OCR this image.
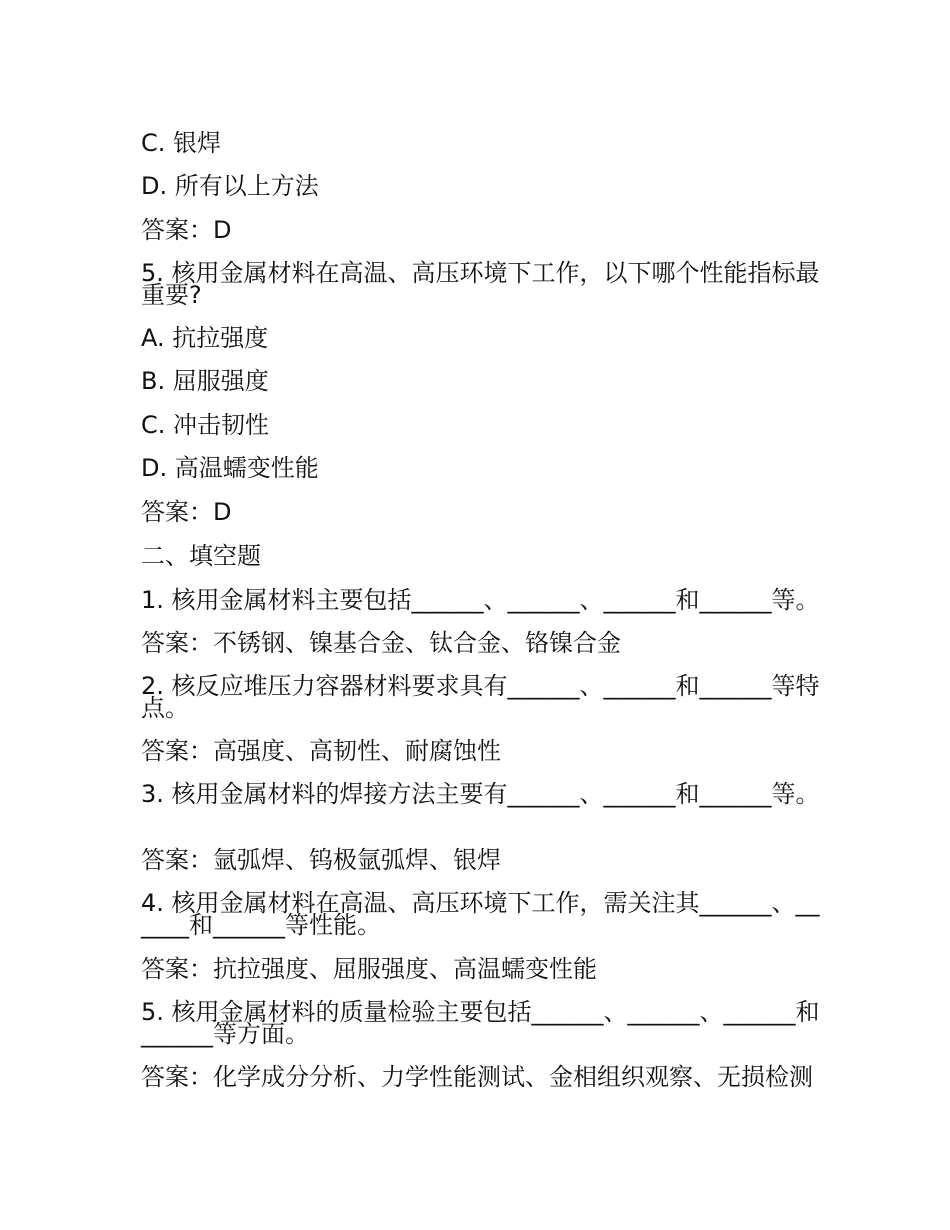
C. 银焊
D. 所有以上方法
答案：D
5. 核用金属材料在高温、高压环境下工作，以下哪个性能指标最重要?
A. 抗拉强度
B. 屈服强度
C. 冲击韧性
D. 高温蠕变性能
答案：D
二、填空题
1. 核用金属材料主要包括______、______、______和______等。
答案：不锈钢、镍基合金、钛合金、铬镍合金
2. 核反应堆压力容器材料要求具有______、______和______等特点。
答案：高强度、高韧性、耐腐蚀性
3. 核用金属材料的焊接方法主要有______、______和______等。
答案：氩弧焊、钨极氩弧焊、银焊
4. 核用金属材料在高温、高压环境下工作，需关注其______、______和______等性能。
答案：抗拉强度、屈服强度、高温蠕变性能
5. 核用金属材料的质量检验主要包括______、______、______和______等方面。
答案：化学成分分析、力学性能测试、金相组织观察、无损检测
